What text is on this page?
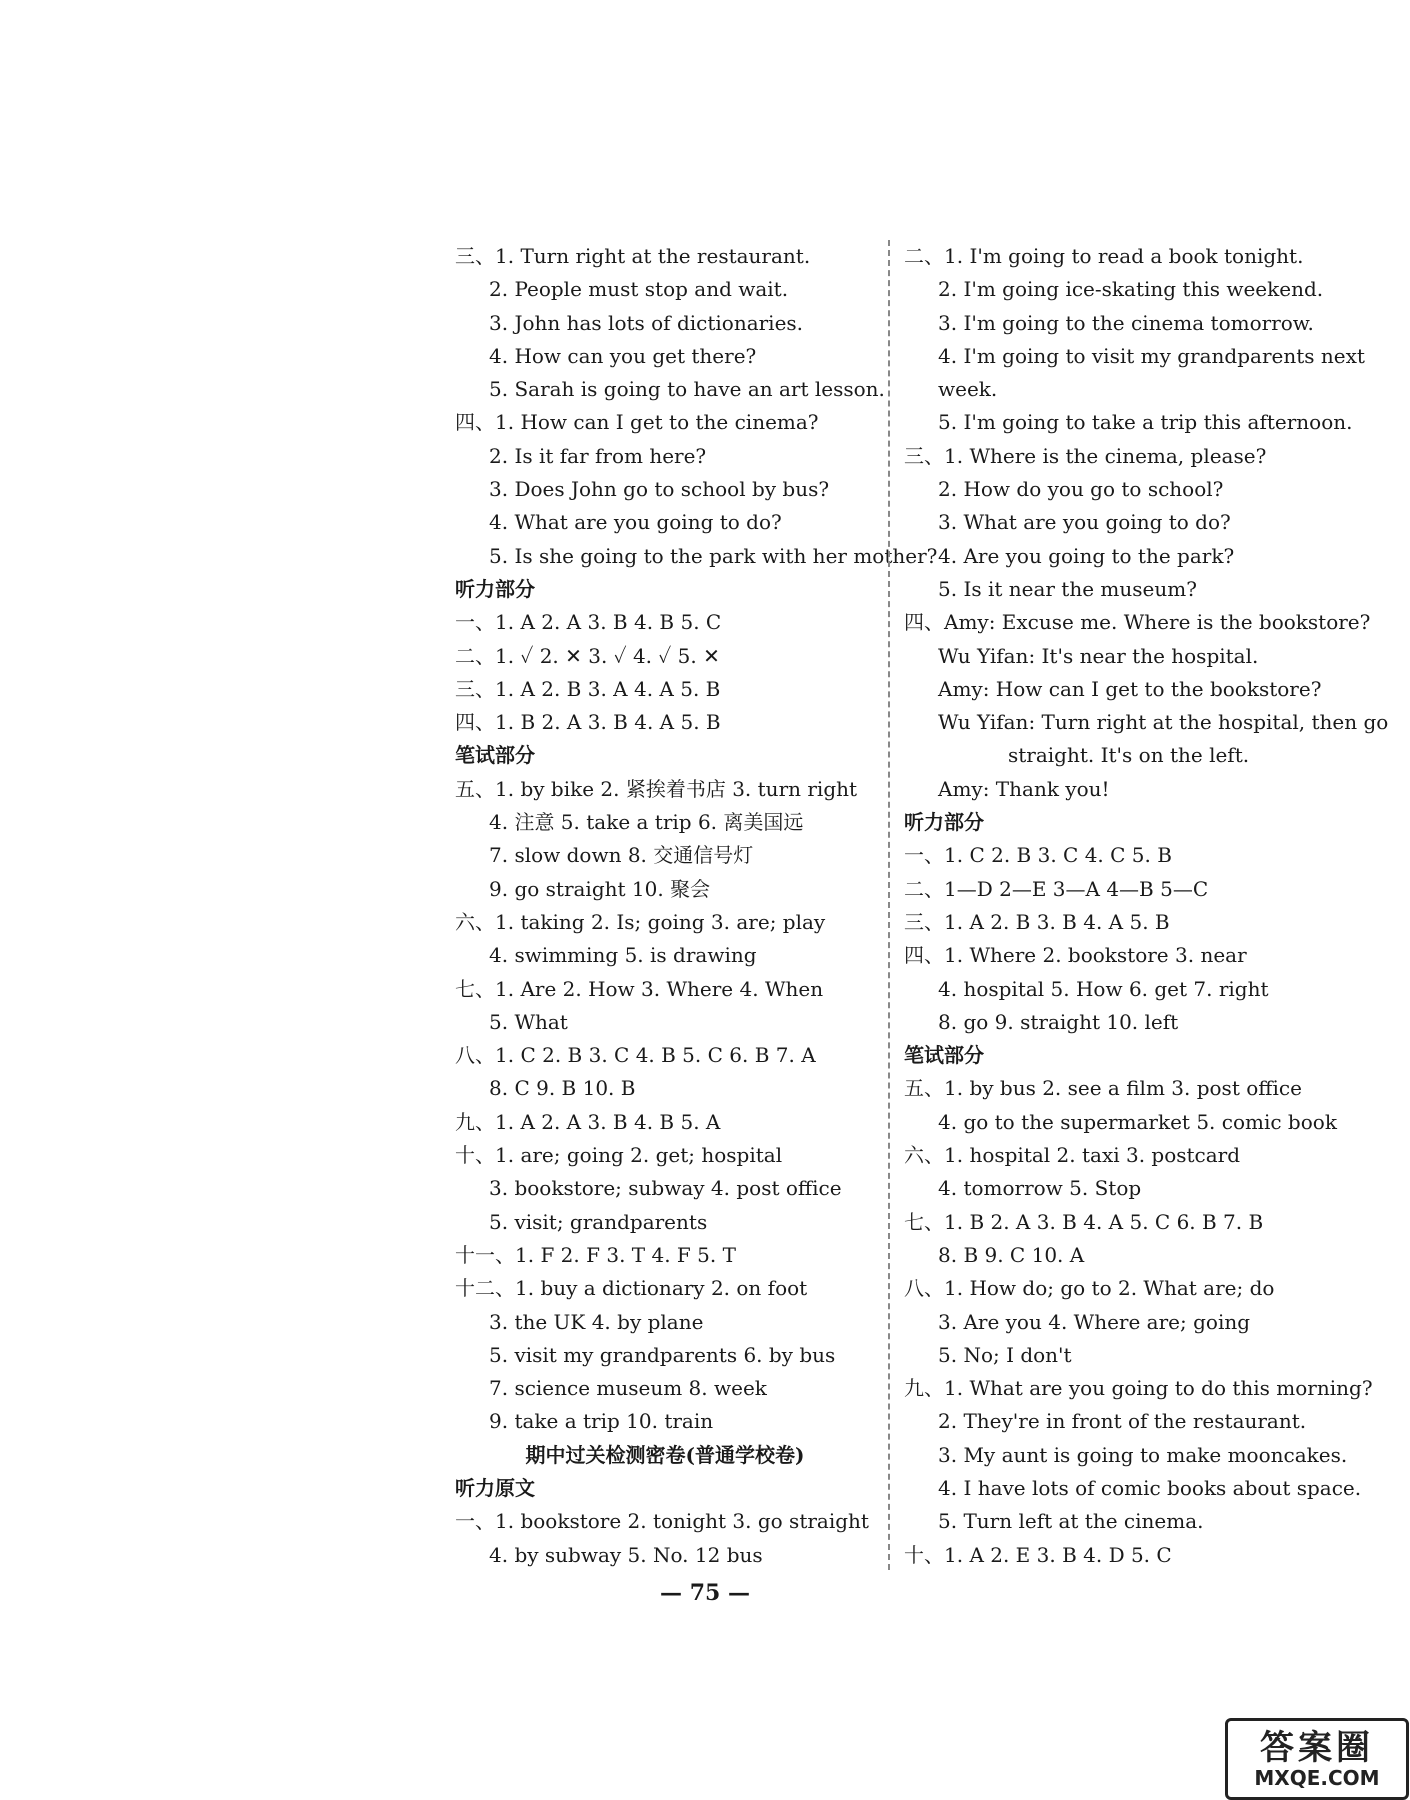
三、1. Turn right at the restaurant.
2. People must stop and wait.
3. John has lots of dictionaries.
4. How can you get there?
5. Sarah is going to have an art lesson.
四、1. How can I get to the cinema?
2. Is it far from here?
3. Does John go to school by bus?
4. What are you going to do?
5. Is she going to the park with her mother?
听力部分
一、1. A 2. A 3. B 4. B 5. C
二、1. ✓ 2. ✕ 3. ✓ 4. ✓ 5. ✕
三、1. A 2. B 3. A 4. A 5. B
四、1. B 2. A 3. B 4. A 5. B
笔试部分
五、1. by bike 2. 紧挨着书店 3. turn right
4. 注意 5. take a trip 6. 离美国远
7. slow down 8. 交通信号灯
9. go straight 10. 聚会
六、1. taking 2. Is; going 3. are; play
4. swimming 5. is drawing
七、1. Are 2. How 3. Where 4. When
5. What
八、1. C 2. B 3. C 4. B 5. C 6. B 7. A
8. C 9. B 10. B
九、1. A 2. A 3. B 4. B 5. A
十、1. are; going 2. get; hospital
3. bookstore; subway 4. post office
5. visit; grandparents
十一、1. F 2. F 3. T 4. F 5. T
十二、1. buy a dictionary 2. on foot
3. the UK 4. by plane
5. visit my grandparents 6. by bus
7. science museum 8. week
9. take a trip 10. train
期中过关检测密卷(普通学校卷)
听力原文
一、1. bookstore 2. tonight 3. go straight
4. by subway 5. No. 12 bus
二、1. I'm going to read a book tonight.
2. I'm going ice-skating this weekend.
3. I'm going to the cinema tomorrow.
4. I'm going to visit my grandparents next
week.
5. I'm going to take a trip this afternoon.
三、1. Where is the cinema, please?
2. How do you go to school?
3. What are you going to do?
4. Are you going to the park?
5. Is it near the museum?
四、Amy: Excuse me. Where is the bookstore?
Wu Yifan: It's near the hospital.
Amy: How can I get to the bookstore?
Wu Yifan: Turn right at the hospital, then go
straight. It's on the left.
Amy: Thank you!
听力部分
一、1. C 2. B 3. C 4. C 5. B
二、1—D 2—E 3—A 4—B 5—C
三、1. A 2. B 3. B 4. A 5. B
四、1. Where 2. bookstore 3. near
4. hospital 5. How 6. get 7. right
8. go 9. straight 10. left
笔试部分
五、1. by bus 2. see a film 3. post office
4. go to the supermarket 5. comic book
六、1. hospital 2. taxi 3. postcard
4. tomorrow 5. Stop
七、1. B 2. A 3. B 4. A 5. C 6. B 7. B
8. B 9. C 10. A
八、1. How do; go to 2. What are; do
3. Are you 4. Where are; going
5. No; I don't
九、1. What are you going to do this morning?
2. They're in front of the restaurant.
3. My aunt is going to make mooncakes.
4. I have lots of comic books about space.
5. Turn left at the cinema.
十、1. A 2. E 3. B 4. D 5. C
— 75 —
答案圈
MXQE.COM
